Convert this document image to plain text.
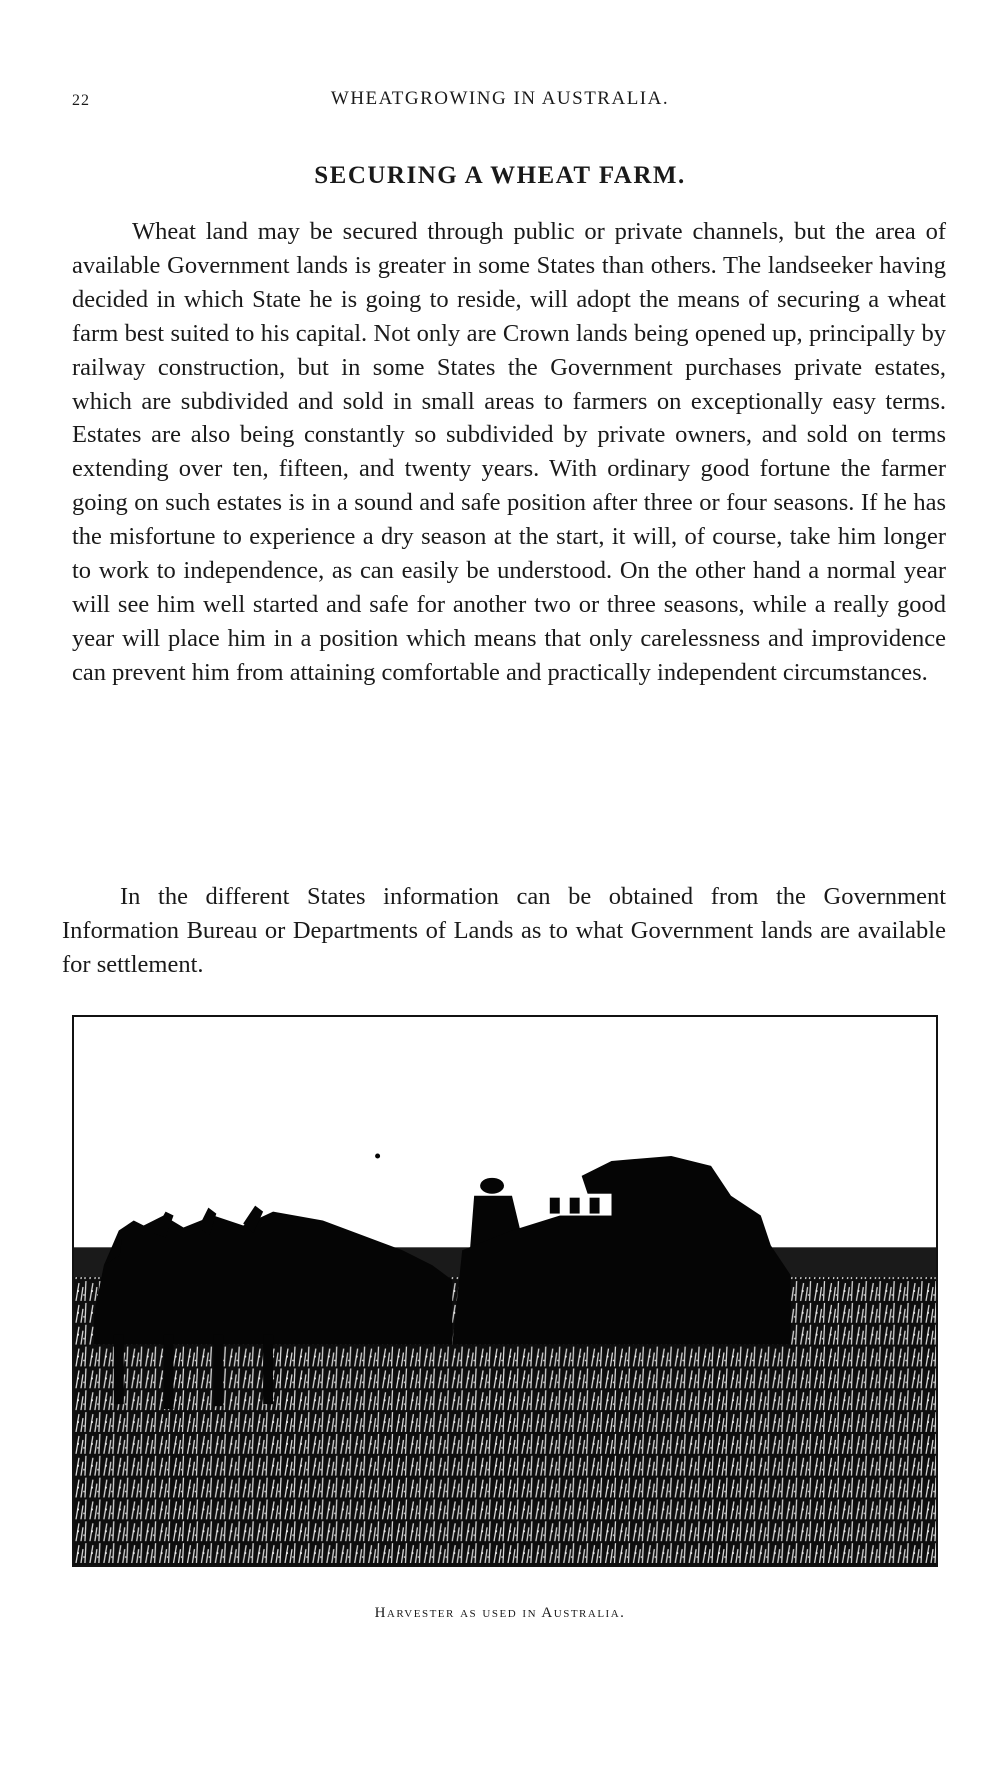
22	WHEATGROWING IN AUSTRALIA.
SECURING A WHEAT FARM.

Wheat land may be secured through public or private channels, but the area of available Government lands is greater in some States than others. The landseeker having decided in which State he is going to reside, will adopt the means of securing a wheat farm best suited to his capital. Not only are Crown lands being opened up, principally by railway construction, but in some States the Government purchases private estates, which are subdivided and sold in small areas to farmers on exceptionally easy terms. Estates are also being constantly so subdivided by private owners, and sold on terms extending over ten, fifteen, and twenty years. With ordinary good fortune the farmer going on such estates is in a sound and safe position after three or four seasons. If he has the misfortune to experience a dry season at the start, it will, of course, take him longer to work to independence, as can easily be understood. On the other hand a normal year will see him well started and safe for another two or three seasons, while a really good year will place him in a position which means that only carelessness and improvidence can prevent him from attaining comfortable and practically independent circumstances.

In the different States information can be obtained from the Government Information Bureau or Departments of Lands as to what Government lands are available for settlement.

Harvester as used in Australia.
